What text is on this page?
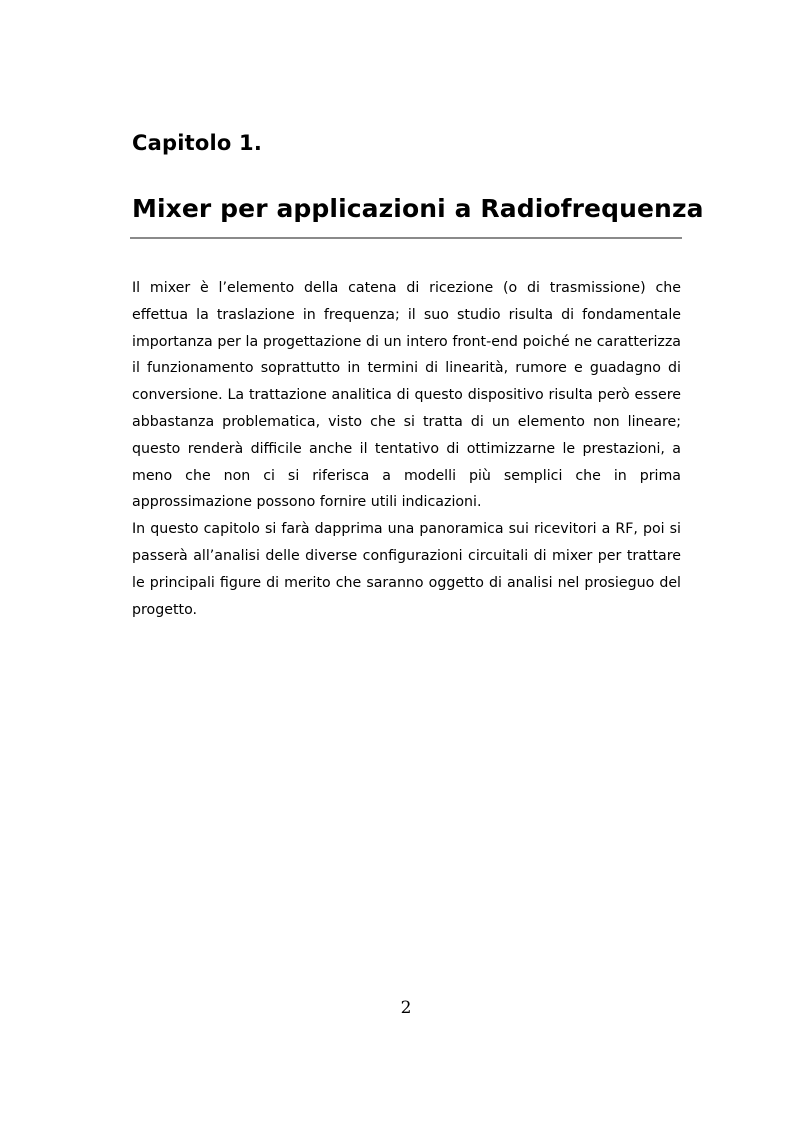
Capitolo 1.
Mixer per applicazioni a Radiofrequenza

Il mixer è l’elemento della catena di ricezione (o di trasmissione) che effettua la traslazione in frequenza; il suo studio risulta di fondamentale importanza per la progettazione di un intero front-end poiché ne caratterizza il funzionamento soprattutto in termini di linearità, rumore e guadagno di conversione. La trattazione analitica di questo dispositivo risulta però essere abbastanza problematica, visto che si tratta di un elemento non lineare; questo renderà difficile anche il tentativo di ottimizzarne le prestazioni, a meno che non ci si riferisca a modelli più semplici che in prima approssimazione possono fornire utili indicazioni.

In questo capitolo si farà dapprima una panoramica sui ricevitori a RF, poi si passerà all’analisi delle diverse configurazioni circuitali di mixer per trattare le principali figure di merito che saranno oggetto di analisi nel prosieguo del progetto.

2
